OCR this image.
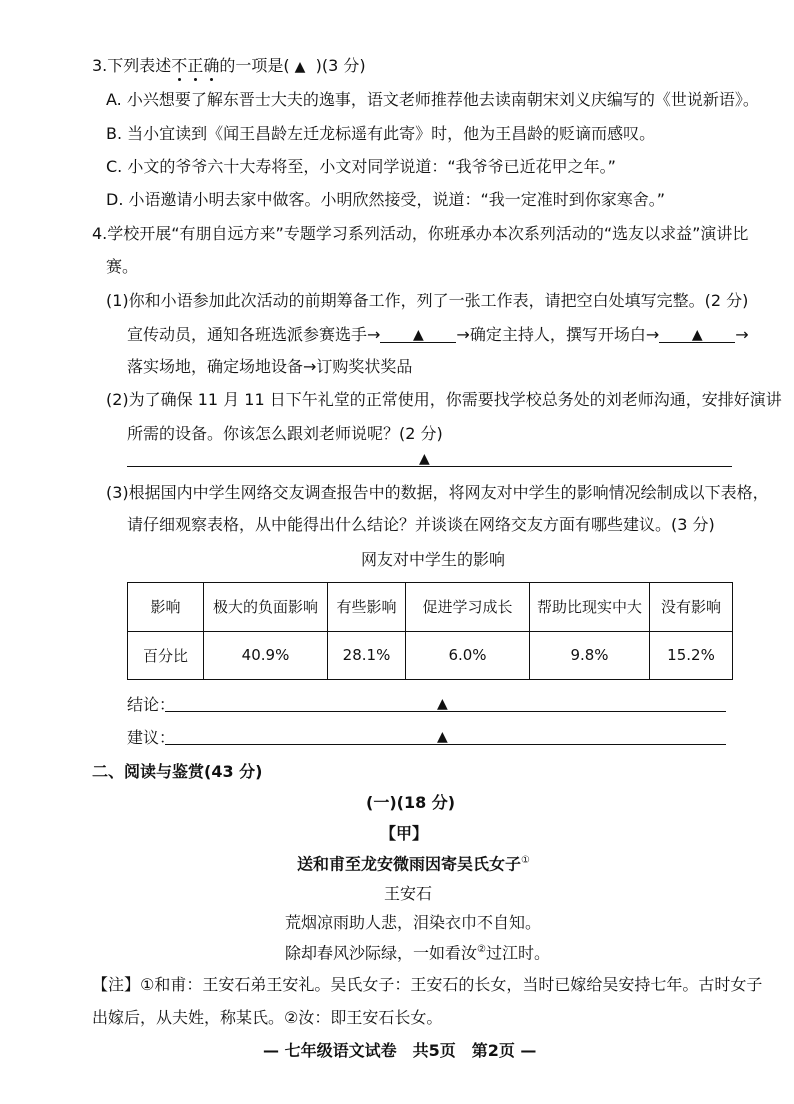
3.下列表述不正确的一项是( ▲ )(3 分)
A. 小兴想要了解东晋士大夫的逸事，语文老师推荐他去读南朝宋刘义庆编写的《世说新语》。
B. 当小宜读到《闻王昌龄左迁龙标遥有此寄》时，他为王昌龄的贬谪而感叹。
C. 小文的爷爷六十大寿将至，小文对同学说道：“我爷爷已近花甲之年。”
D. 小语邀请小明去家中做客。小明欣然接受，说道：“我一定准时到你家寒舍。”
4.学校开展“有朋自远方来”专题学习系列活动，你班承办本次系列活动的“选友以求益”演讲比
赛。
(1)你和小语参加此次活动的前期筹备工作，列了一张工作表，请把空白处填写完整。(2 分)
宣传动员，通知各班选派参赛选手→ ▲ →确定主持人，撰写开场白→ ▲ →
落实场地，确定场地设备→订购奖状奖品
(2)为了确保 11 月 11 日下午礼堂的正常使用，你需要找学校总务处的刘老师沟通，安排好演讲
所需的设备。你该怎么跟刘老师说呢？(2 分)
▲
(3)根据国内中学生网络交友调查报告中的数据，将网友对中学生的影响情况绘制成以下表格，
请仔细观察表格，从中能得出什么结论？并谈谈在网络交友方面有哪些建议。(3 分)
网友对中学生的影响
影响	极大的负面影响	有些影响	促进学习成长	帮助比现实中大	没有影响
百分比	40.9%	28.1%	6.0%	9.8%	15.2%
结论：	▲
建议：	▲
二、阅读与鉴赏(43 分)
(一)(18 分)
【甲】
送和甫至龙安微雨因寄吴氏女子①
王安石
荒烟凉雨助人悲，泪染衣巾不自知。
除却春风沙际绿，一如看汝②过江时。
【注】①和甫：王安石弟王安礼。吴氏女子：王安石的长女，当时已嫁给吴安持七年。古时女子
出嫁后，从夫姓，称某氏。②汝：即王安石长女。
— 七年级语文试卷　共5页　第2页 —
